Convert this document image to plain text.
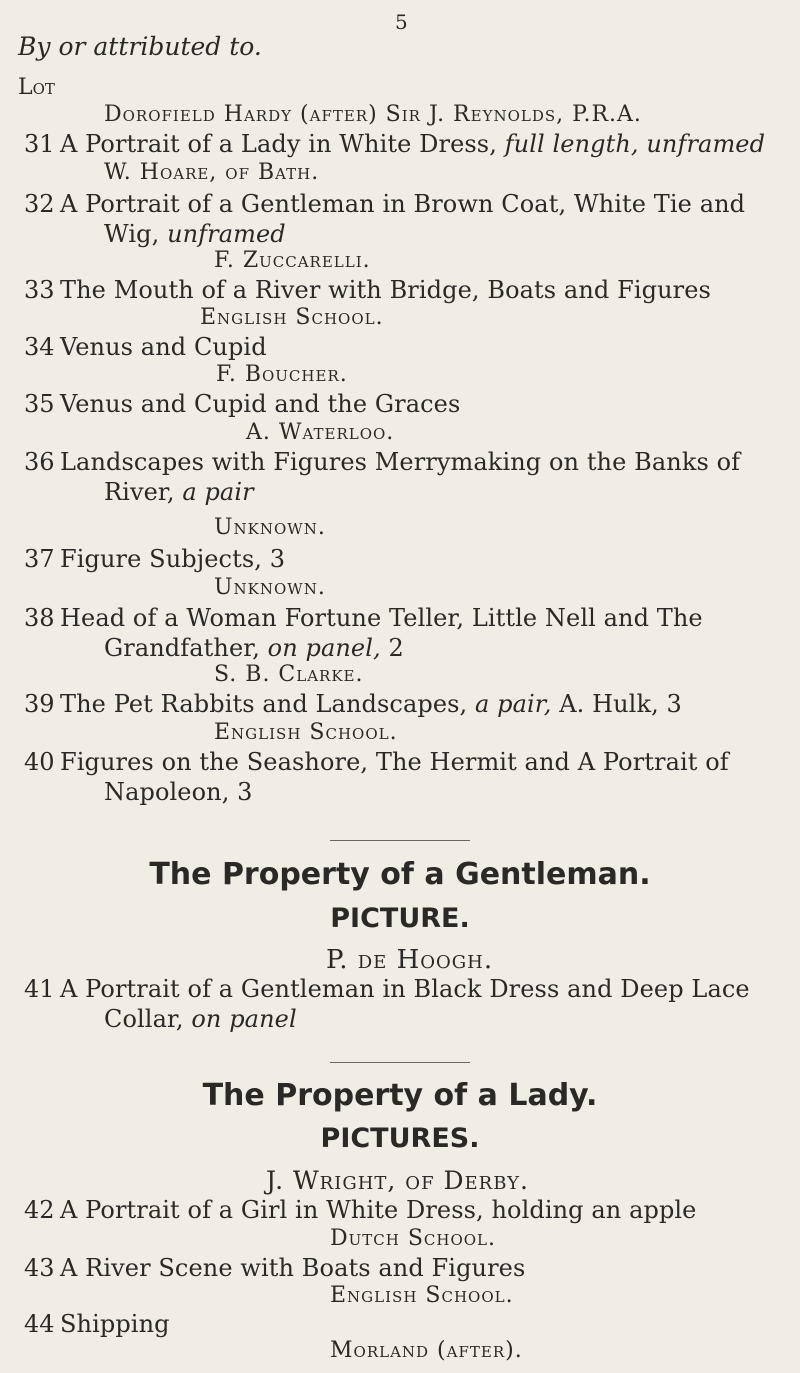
5
By or attributed to.
Lot
Dorofield Hardy (after) Sir J. Reynolds, P.R.A.
31 A Portrait of a Lady in White Dress, full length, unframed
W. Hoare, of Bath.
32 A Portrait of a Gentleman in Brown Coat, White Tie and
Wig, unframed
F. Zuccarelli.
33 The Mouth of a River with Bridge, Boats and Figures
English School.
34 Venus and Cupid
F. Boucher.
35 Venus and Cupid and the Graces
A. Waterloo.
36 Landscapes with Figures Merrymaking on the Banks of
River, a pair
Unknown.
37 Figure Subjects, 3
Unknown.
38 Head of a Woman Fortune Teller, Little Nell and The
Grandfather, on panel, 2
S. B. Clarke.
39 The Pet Rabbits and Landscapes, a pair, A. Hulk, 3
English School.
40 Figures on the Seashore, The Hermit and A Portrait of
Napoleon, 3
The Property of a Gentleman.
PICTURE.
P. de Hoogh.
41 A Portrait of a Gentleman in Black Dress and Deep Lace
Collar, on panel
The Property of a Lady.
PICTURES.
J. Wright, of Derby.
42 A Portrait of a Girl in White Dress, holding an apple
Dutch School.
43 A River Scene with Boats and Figures
English School.
44 Shipping
Morland (after).
